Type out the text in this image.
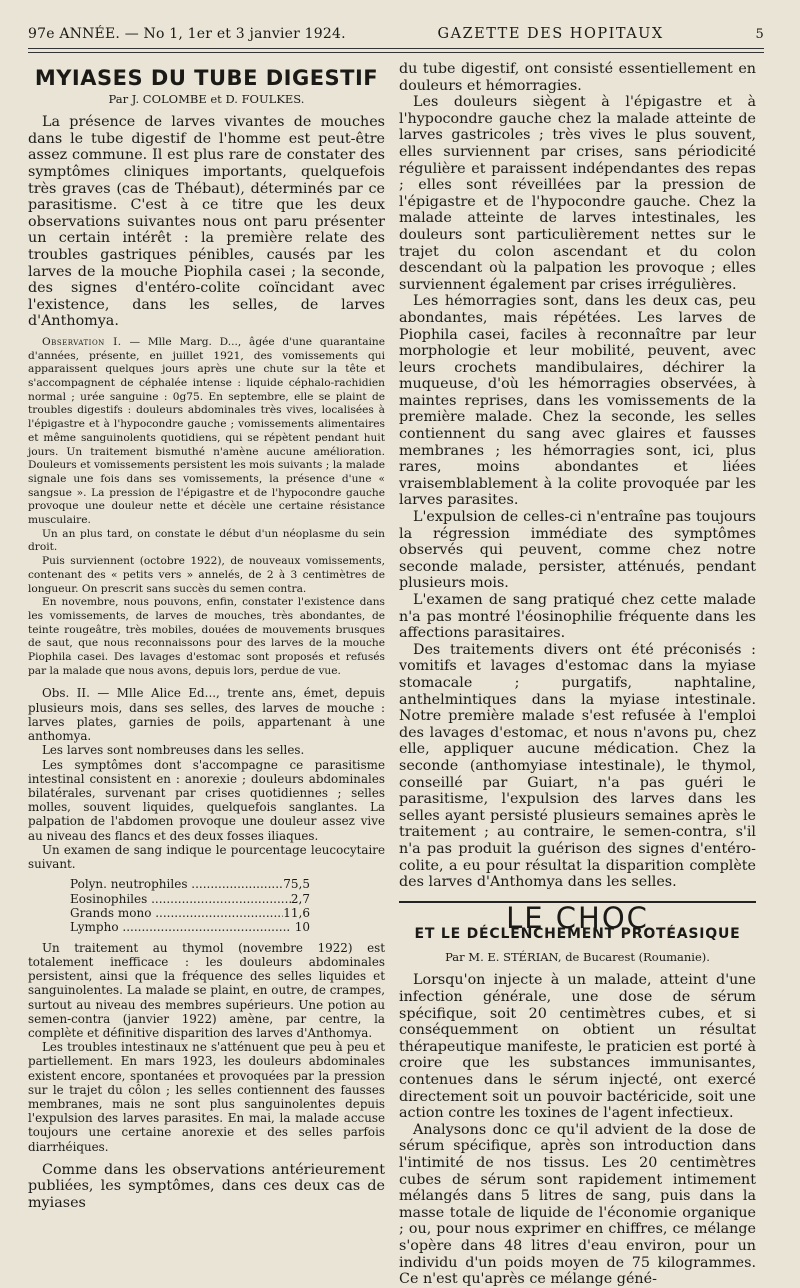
97e ANNÉE. — No 1, 1er et 3 janvier 1924.	GAZETTE DES HOPITAUX	5
MYIASES DU TUBE DIGESTIF
Par J. COLOMBE et D. FOULKES.

La présence de larves vivantes de mouches dans le tube digestif de l'homme est peut-être assez commune. Il est plus rare de constater des symptômes cliniques importants, quelquefois très graves (cas de Thébaut), déterminés par ce parasitisme. C'est à ce titre que les deux observations suivantes nous ont paru présenter un certain intérêt : la première relate des troubles gastriques pénibles, causés par les larves de la mouche Piophila casei ; la seconde, des signes d'entéro-colite coïncidant avec l'existence, dans les selles, de larves d'Anthomya.

Observation I. — Mlle Marg. D..., âgée d'une quarantaine d'années, présente, en juillet 1921, des vomissements qui apparaissent quelques jours après une chute sur la tête et s'accompagnent de céphalée intense : liquide céphalo-rachidien normal ; urée sanguine : 0g75. En septembre, elle se plaint de troubles digestifs : douleurs abdominales très vives, localisées à l'épigastre et à l'hypocondre gauche ; vomissements alimentaires et même sanguinolents quotidiens, qui se répètent pendant huit jours. Un traitement bismuthé n'amène aucune amélioration. Douleurs et vomissements persistent les mois suivants ; la malade signale une fois dans ses vomissements, la présence d'une « sangsue ». La pression de l'épigastre et de l'hypocondre gauche provoque une douleur nette et décèle une certaine résistance musculaire.

Un an plus tard, on constate le début d'un néoplasme du sein droit.

Puis surviennent (octobre 1922), de nouveaux vomissements, contenant des « petits vers » annelés, de 2 à 3 centimètres de longueur. On prescrit sans succès du semen contra.

En novembre, nous pouvons, enfin, constater l'existence dans les vomissements, de larves de mouches, très abondantes, de teinte rougeâtre, très mobiles, douées de mouvements brusques de saut, que nous reconnaissons pour des larves de la mouche Piophila casei. Des lavages d'estomac sont proposés et refusés par la malade que nous avons, depuis lors, perdue de vue.

Obs. II. — Mlle Alice Ed..., trente ans, émet, depuis plusieurs mois, dans ses selles, des larves de mouche : larves plates, garnies de poils, appartenant à une anthomya.

Les larves sont nombreuses dans les selles.

Les symptômes dont s'accompagne ce parasitisme intestinal consistent en : anorexie ; douleurs abdominales bilatérales, survenant par crises quotidiennes ; selles molles, souvent liquides, quelquefois sanglantes. La palpation de l'abdomen provoque une douleur assez vive au niveau des flancs et des deux fosses iliaques.

Un examen de sang indique le pourcentage leucocytaire suivant.

Polyn. neutrophiles .....	75,5
Eosinophiles .....	2,7
Grands mono .....	11,6
Lympho .....	10

Un traitement au thymol (novembre 1922) est totalement inefficace : les douleurs abdominales persistent, ainsi que la fréquence des selles liquides et sanguinolentes. La malade se plaint, en outre, de crampes, surtout au niveau des membres supérieurs. Une potion au semen-contra (janvier 1922) amène, par centre, la complète et définitive disparition des larves d'Anthomya.

Les troubles intestinaux ne s'atténuent que peu à peu et partiellement. En mars 1923, les douleurs abdominales existent encore, spontanées et provoquées par la pression sur le trajet du côlon ; les selles contiennent des fausses membranes, mais ne sont plus sanguinolentes depuis l'expulsion des larves parasites. En mai, la malade accuse toujours une certaine anorexie et des selles parfois diarrhéiques.

Comme dans les observations antérieurement publiées, les symptômes, dans ces deux cas de myiases

du tube digestif, ont consisté essentiellement en douleurs et hémorragies.

Les douleurs siègent à l'épigastre et à l'hypocondre gauche chez la malade atteinte de larves gastricoles ; très vives le plus souvent, elles surviennent par crises, sans périodicité régulière et paraissent indépendantes des repas ; elles sont réveillées par la pression de l'épigastre et de l'hypocondre gauche. Chez la malade atteinte de larves intestinales, les douleurs sont particulièrement nettes sur le trajet du colon ascendant et du colon descendant où la palpation les provoque ; elles surviennent également par crises irrégulières.

Les hémorragies sont, dans les deux cas, peu abondantes, mais répétées. Les larves de Piophila casei, faciles à reconnaître par leur morphologie et leur mobilité, peuvent, avec leurs crochets mandibulaires, déchirer la muqueuse, d'où les hémorragies observées, à maintes reprises, dans les vomissements de la première malade. Chez la seconde, les selles contiennent du sang avec glaires et fausses membranes ; les hémorragies sont, ici, plus rares, moins abondantes et liées vraisemblablement à la colite provoquée par les larves parasites.

L'expulsion de celles-ci n'entraîne pas toujours la régression immédiate des symptômes observés qui peuvent, comme chez notre seconde malade, persister, atténués, pendant plusieurs mois.

L'examen de sang pratiqué chez cette malade n'a pas montré l'éosinophilie fréquente dans les affections parasitaires.

Des traitements divers ont été préconisés : vomitifs et lavages d'estomac dans la myiase stomacale ; purgatifs, naphtaline, anthelmintiques dans la myiase intestinale. Notre première malade s'est refusée à l'emploi des lavages d'estomac, et nous n'avons pu, chez elle, appliquer aucune médication. Chez la seconde (anthomyiase intestinale), le thymol, conseillé par Guiart, n'a pas guéri le parasitisme, l'expulsion des larves dans les selles ayant persisté plusieurs semaines après le traitement ; au contraire, le semen-contra, s'il n'a pas produit la guérison des signes d'entéro-colite, a eu pour résultat la disparition complète des larves d'Anthomya dans les selles.

LE CHOC
ET LE DÉCLENCHEMENT PROTÉASIQUE
Par M. E. STÉRIAN, de Bucarest (Roumanie).

Lorsqu'on injecte à un malade, atteint d'une infection générale, une dose de sérum spécifique, soit 20 centimètres cubes, et si conséquemment on obtient un résultat thérapeutique manifeste, le praticien est porté à croire que les substances immunisantes, contenues dans le sérum injecté, ont exercé directement soit un pouvoir bactéricide, soit une action contre les toxines de l'agent infectieux.

Analysons donc ce qu'il advient de la dose de sérum spécifique, après son introduction dans l'intimité de nos tissus. Les 20 centimètres cubes de sérum sont rapidement intimement mélangés dans 5 litres de sang, puis dans la masse totale de liquide de l'économie organique ; ou, pour nous exprimer en chiffres, ce mélange s'opère dans 48 litres d'eau environ, pour un individu d'un poids moyen de 75 kilogrammes. Ce n'est qu'après ce mélange géné-
